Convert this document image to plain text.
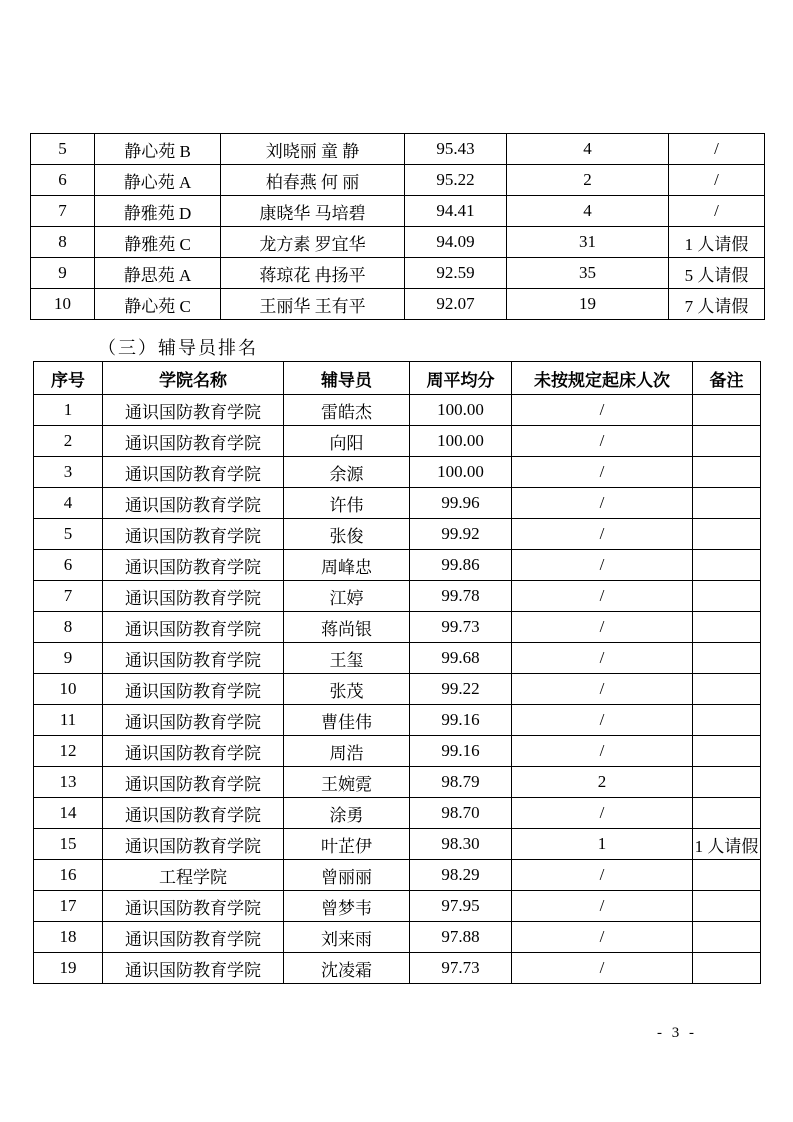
5	静心苑 B	刘晓丽 童 静	95.43	4	/
6	静心苑 A	柏春燕 何 丽	95.22	2	/
7	静雅苑 D	康晓华 马培碧	94.41	4	/
8	静雅苑 C	龙方素 罗宜华	94.09	31	1 人请假
9	静思苑 A	蒋琼花 冉扬平	92.59	35	5 人请假
10	静心苑 C	王丽华 王有平	92.07	19	7 人请假
（三）辅导员排名
序号	学院名称	辅导员	周平均分	未按规定起床人次	备注
1	通识国防教育学院	雷皓杰	100.00	/	
2	通识国防教育学院	向阳	100.00	/	
3	通识国防教育学院	余源	100.00	/	
4	通识国防教育学院	许伟	99.96	/	
5	通识国防教育学院	张俊	99.92	/	
6	通识国防教育学院	周峰忠	99.86	/	
7	通识国防教育学院	江婷	99.78	/	
8	通识国防教育学院	蒋尚银	99.73	/	
9	通识国防教育学院	王玺	99.68	/	
10	通识国防教育学院	张茂	99.22	/	
11	通识国防教育学院	曹佳伟	99.16	/	
12	通识国防教育学院	周浩	99.16	/	
13	通识国防教育学院	王婉霓	98.79	2	
14	通识国防教育学院	涂勇	98.70	/	
15	通识国防教育学院	叶芷伊	98.30	1	1 人请假
16	工程学院	曾丽丽	98.29	/	
17	通识国防教育学院	曾梦韦	97.95	/	
18	通识国防教育学院	刘来雨	97.88	/	
19	通识国防教育学院	沈凌霜	97.73	/	
- 3 -
